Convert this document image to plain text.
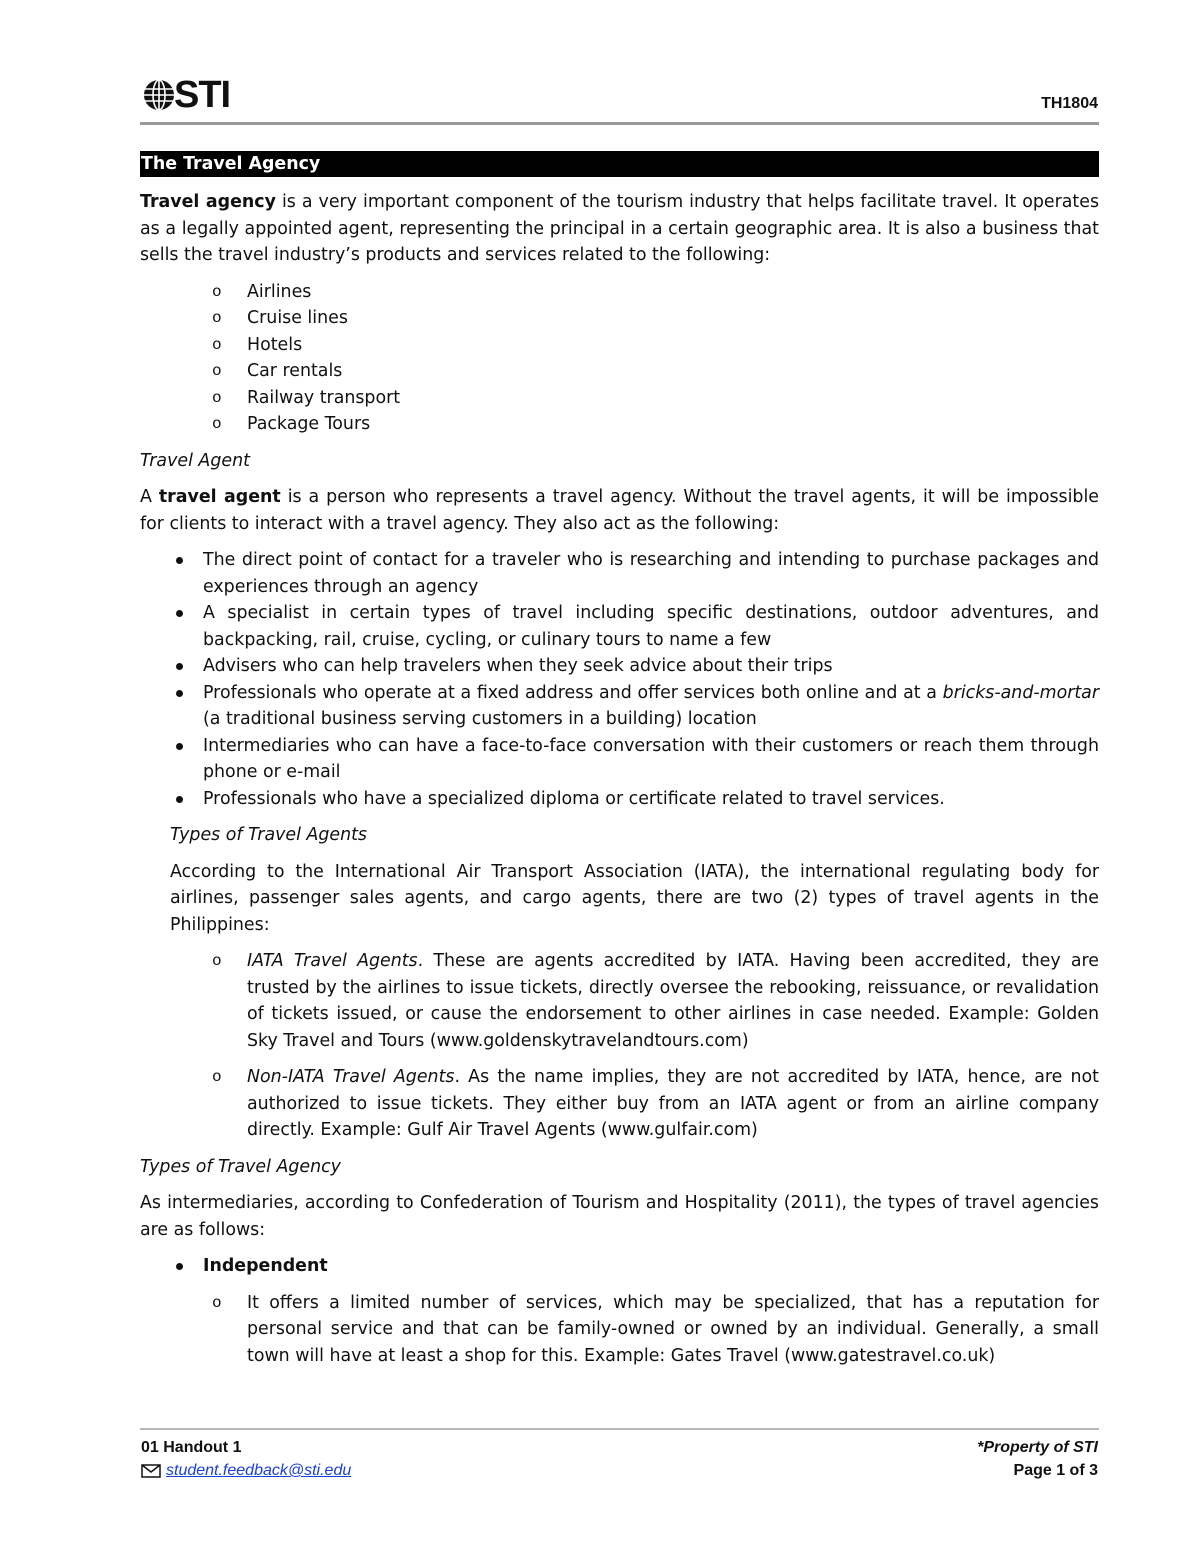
STI	TH1804
The Travel Agency

Travel agency is a very important component of the tourism industry that helps facilitate travel. It operates as a legally appointed agent, representing the principal in a certain geographic area. It is also a business that sells the travel industry’s products and services related to the following:

o Airlines
o Cruise lines
o Hotels
o Car rentals
o Railway transport
o Package Tours

Travel Agent

A travel agent is a person who represents a travel agency. Without the travel agents, it will be impossible for clients to interact with a travel agency. They also act as the following:

The direct point of contact for a traveler who is researching and intending to purchase packages and experiences through an agency
A specialist in certain types of travel including specific destinations, outdoor adventures, and backpacking, rail, cruise, cycling, or culinary tours to name a few
Advisers who can help travelers when they seek advice about their trips
Professionals who operate at a fixed address and offer services both online and at a bricks-and-mortar (a traditional business serving customers in a building) location
Intermediaries who can have a face-to-face conversation with their customers or reach them through phone or e-mail
Professionals who have a specialized diploma or certificate related to travel services.

Types of Travel Agents

According to the International Air Transport Association (IATA), the international regulating body for airlines, passenger sales agents, and cargo agents, there are two (2) types of travel agents in the Philippines:

o IATA Travel Agents. These are agents accredited by IATA. Having been accredited, they are trusted by the airlines to issue tickets, directly oversee the rebooking, reissuance, or revalidation of tickets issued, or cause the endorsement to other airlines in case needed. Example: Golden Sky Travel and Tours (www.goldenskytravelandtours.com)
o Non-IATA Travel Agents. As the name implies, they are not accredited by IATA, hence, are not authorized to issue tickets. They either buy from an IATA agent or from an airline company directly. Example: Gulf Air Travel Agents (www.gulfair.com)

Types of Travel Agency

As intermediaries, according to Confederation of Tourism and Hospitality (2011), the types of travel agencies are as follows:

Independent
o It offers a limited number of services, which may be specialized, that has a reputation for personal service and that can be family-owned or owned by an individual. Generally, a small town will have at least a shop for this. Example: Gates Travel (www.gatestravel.co.uk)
01 Handout 1
student.feedback@sti.edu
*Property of STI
Page 1 of 3
